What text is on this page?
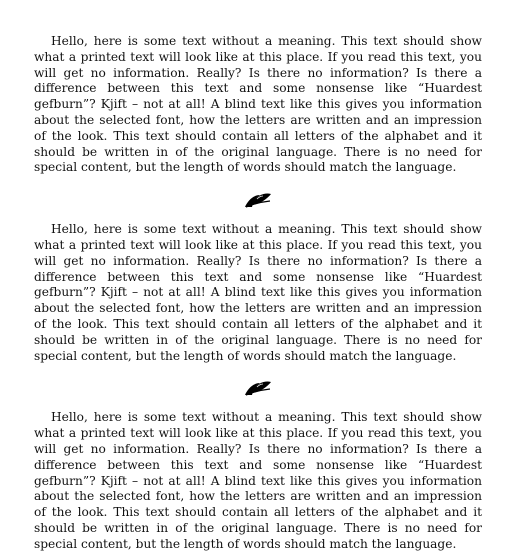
Hello, here is some text without a meaning. This text should show what a printed text will look like at this place. If you read this text, you will get no information. Really? Is there no information? Is there a difference between this text and some nonsense like “Huardest gefburn”? Kjift – not at all! A blind text like this gives you information about the selected font, how the letters are written and an impression of the look. This text should contain all letters of the alphabet and it should be written in of the original language. There is no need for special content, but the length of words should match the language.

Hello, here is some text without a meaning. This text should show what a printed text will look like at this place. If you read this text, you will get no information. Really? Is there no information? Is there a difference between this text and some nonsense like “Huardest gefburn”? Kjift – not at all! A blind text like this gives you information about the selected font, how the letters are written and an impression of the look. This text should contain all letters of the alphabet and it should be written in of the original language. There is no need for special content, but the length of words should match the language.

Hello, here is some text without a meaning. This text should show what a printed text will look like at this place. If you read this text, you will get no information. Really? Is there no information? Is there a difference between this text and some nonsense like “Huardest gefburn”? Kjift – not at all! A blind text like this gives you information about the selected font, how the letters are written and an impression of the look. This text should contain all letters of the alphabet and it should be written in of the original language. There is no need for special content, but the length of words should match the language.
